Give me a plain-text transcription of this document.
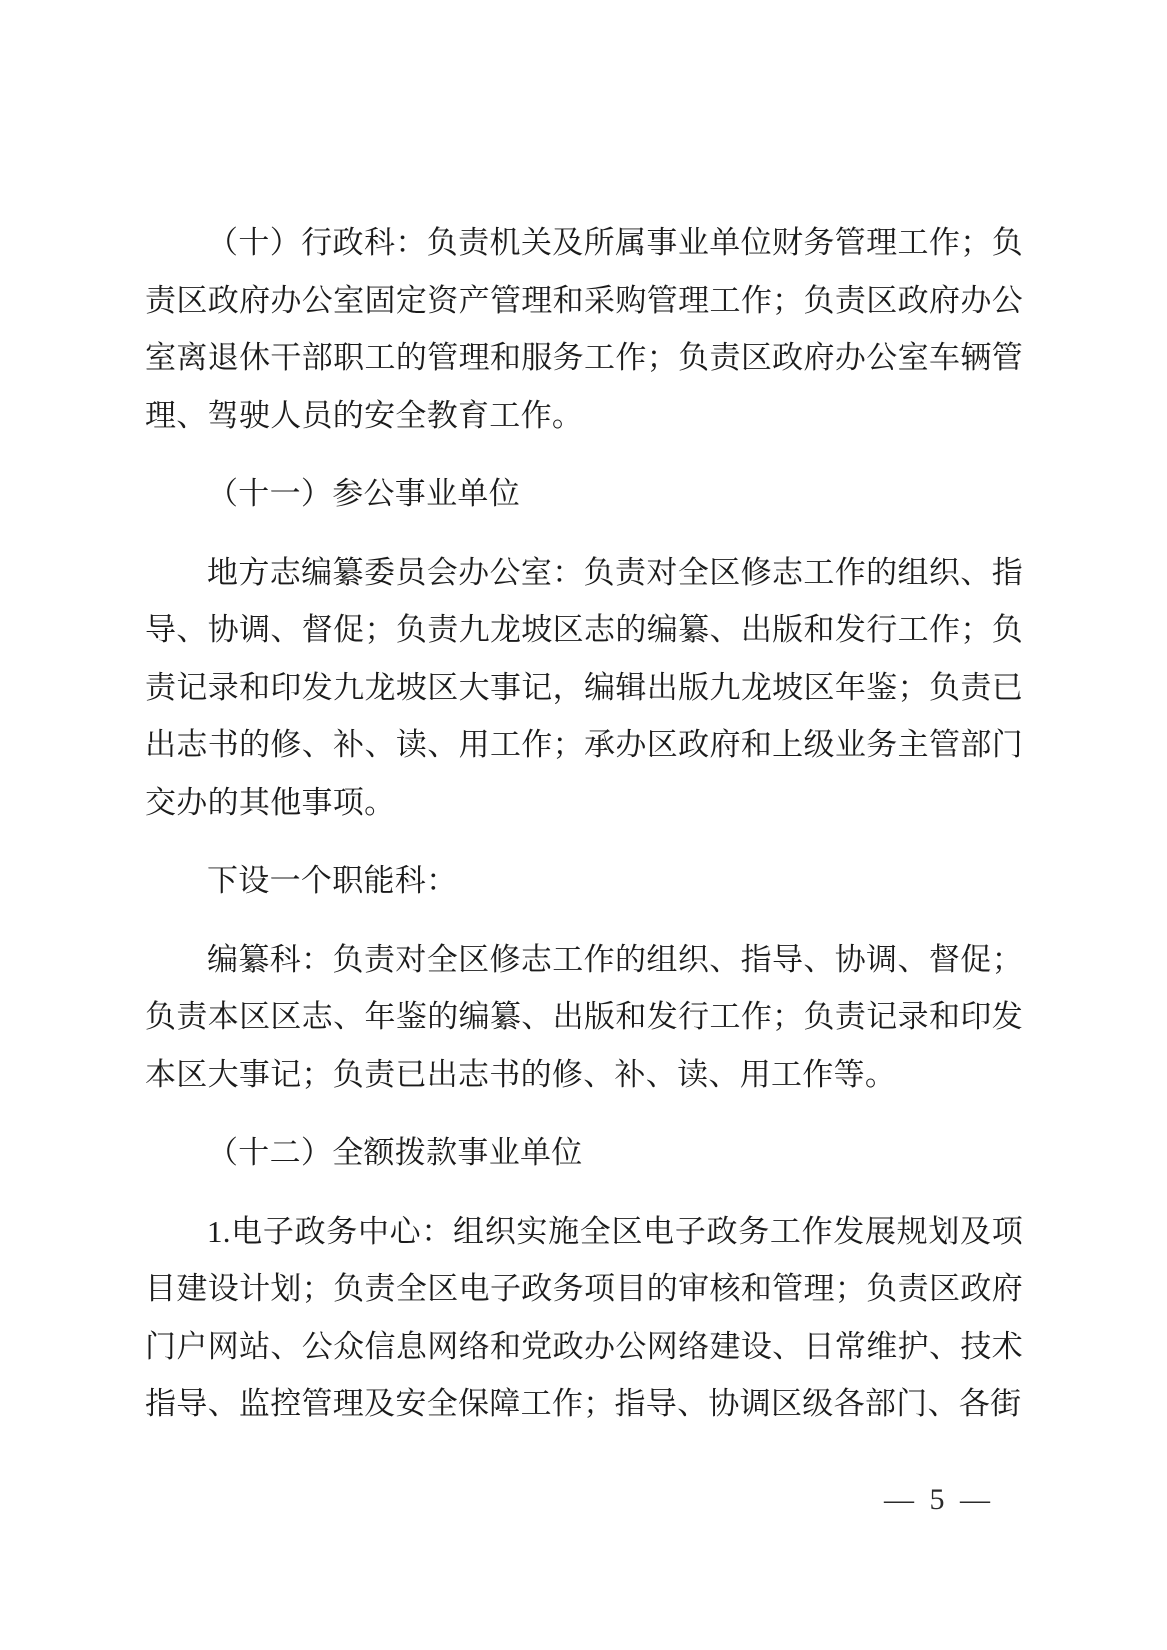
（十）行政科：负责机关及所属事业单位财务管理工作；负责区政府办公室固定资产管理和采购管理工作；负责区政府办公室离退休干部职工的管理和服务工作；负责区政府办公室车辆管理、驾驶人员的安全教育工作。

（十一）参公事业单位

地方志编纂委员会办公室：负责对全区修志工作的组织、指导、协调、督促；负责九龙坡区志的编纂、出版和发行工作；负责记录和印发九龙坡区大事记，编辑出版九龙坡区年鉴；负责已出志书的修、补、读、用工作；承办区政府和上级业务主管部门交办的其他事项。

下设一个职能科：

编纂科：负责对全区修志工作的组织、指导、协调、督促；负责本区区志、年鉴的编纂、出版和发行工作；负责记录和印发本区大事记；负责已出志书的修、补、读、用工作等。

（十二）全额拨款事业单位

1.电子政务中心：组织实施全区电子政务工作发展规划及项目建设计划；负责全区电子政务项目的审核和管理；负责区政府门户网站、公众信息网络和党政办公网络建设、日常维护、技术指导、监控管理及安全保障工作；指导、协调区级各部门、各街

— 5 —
